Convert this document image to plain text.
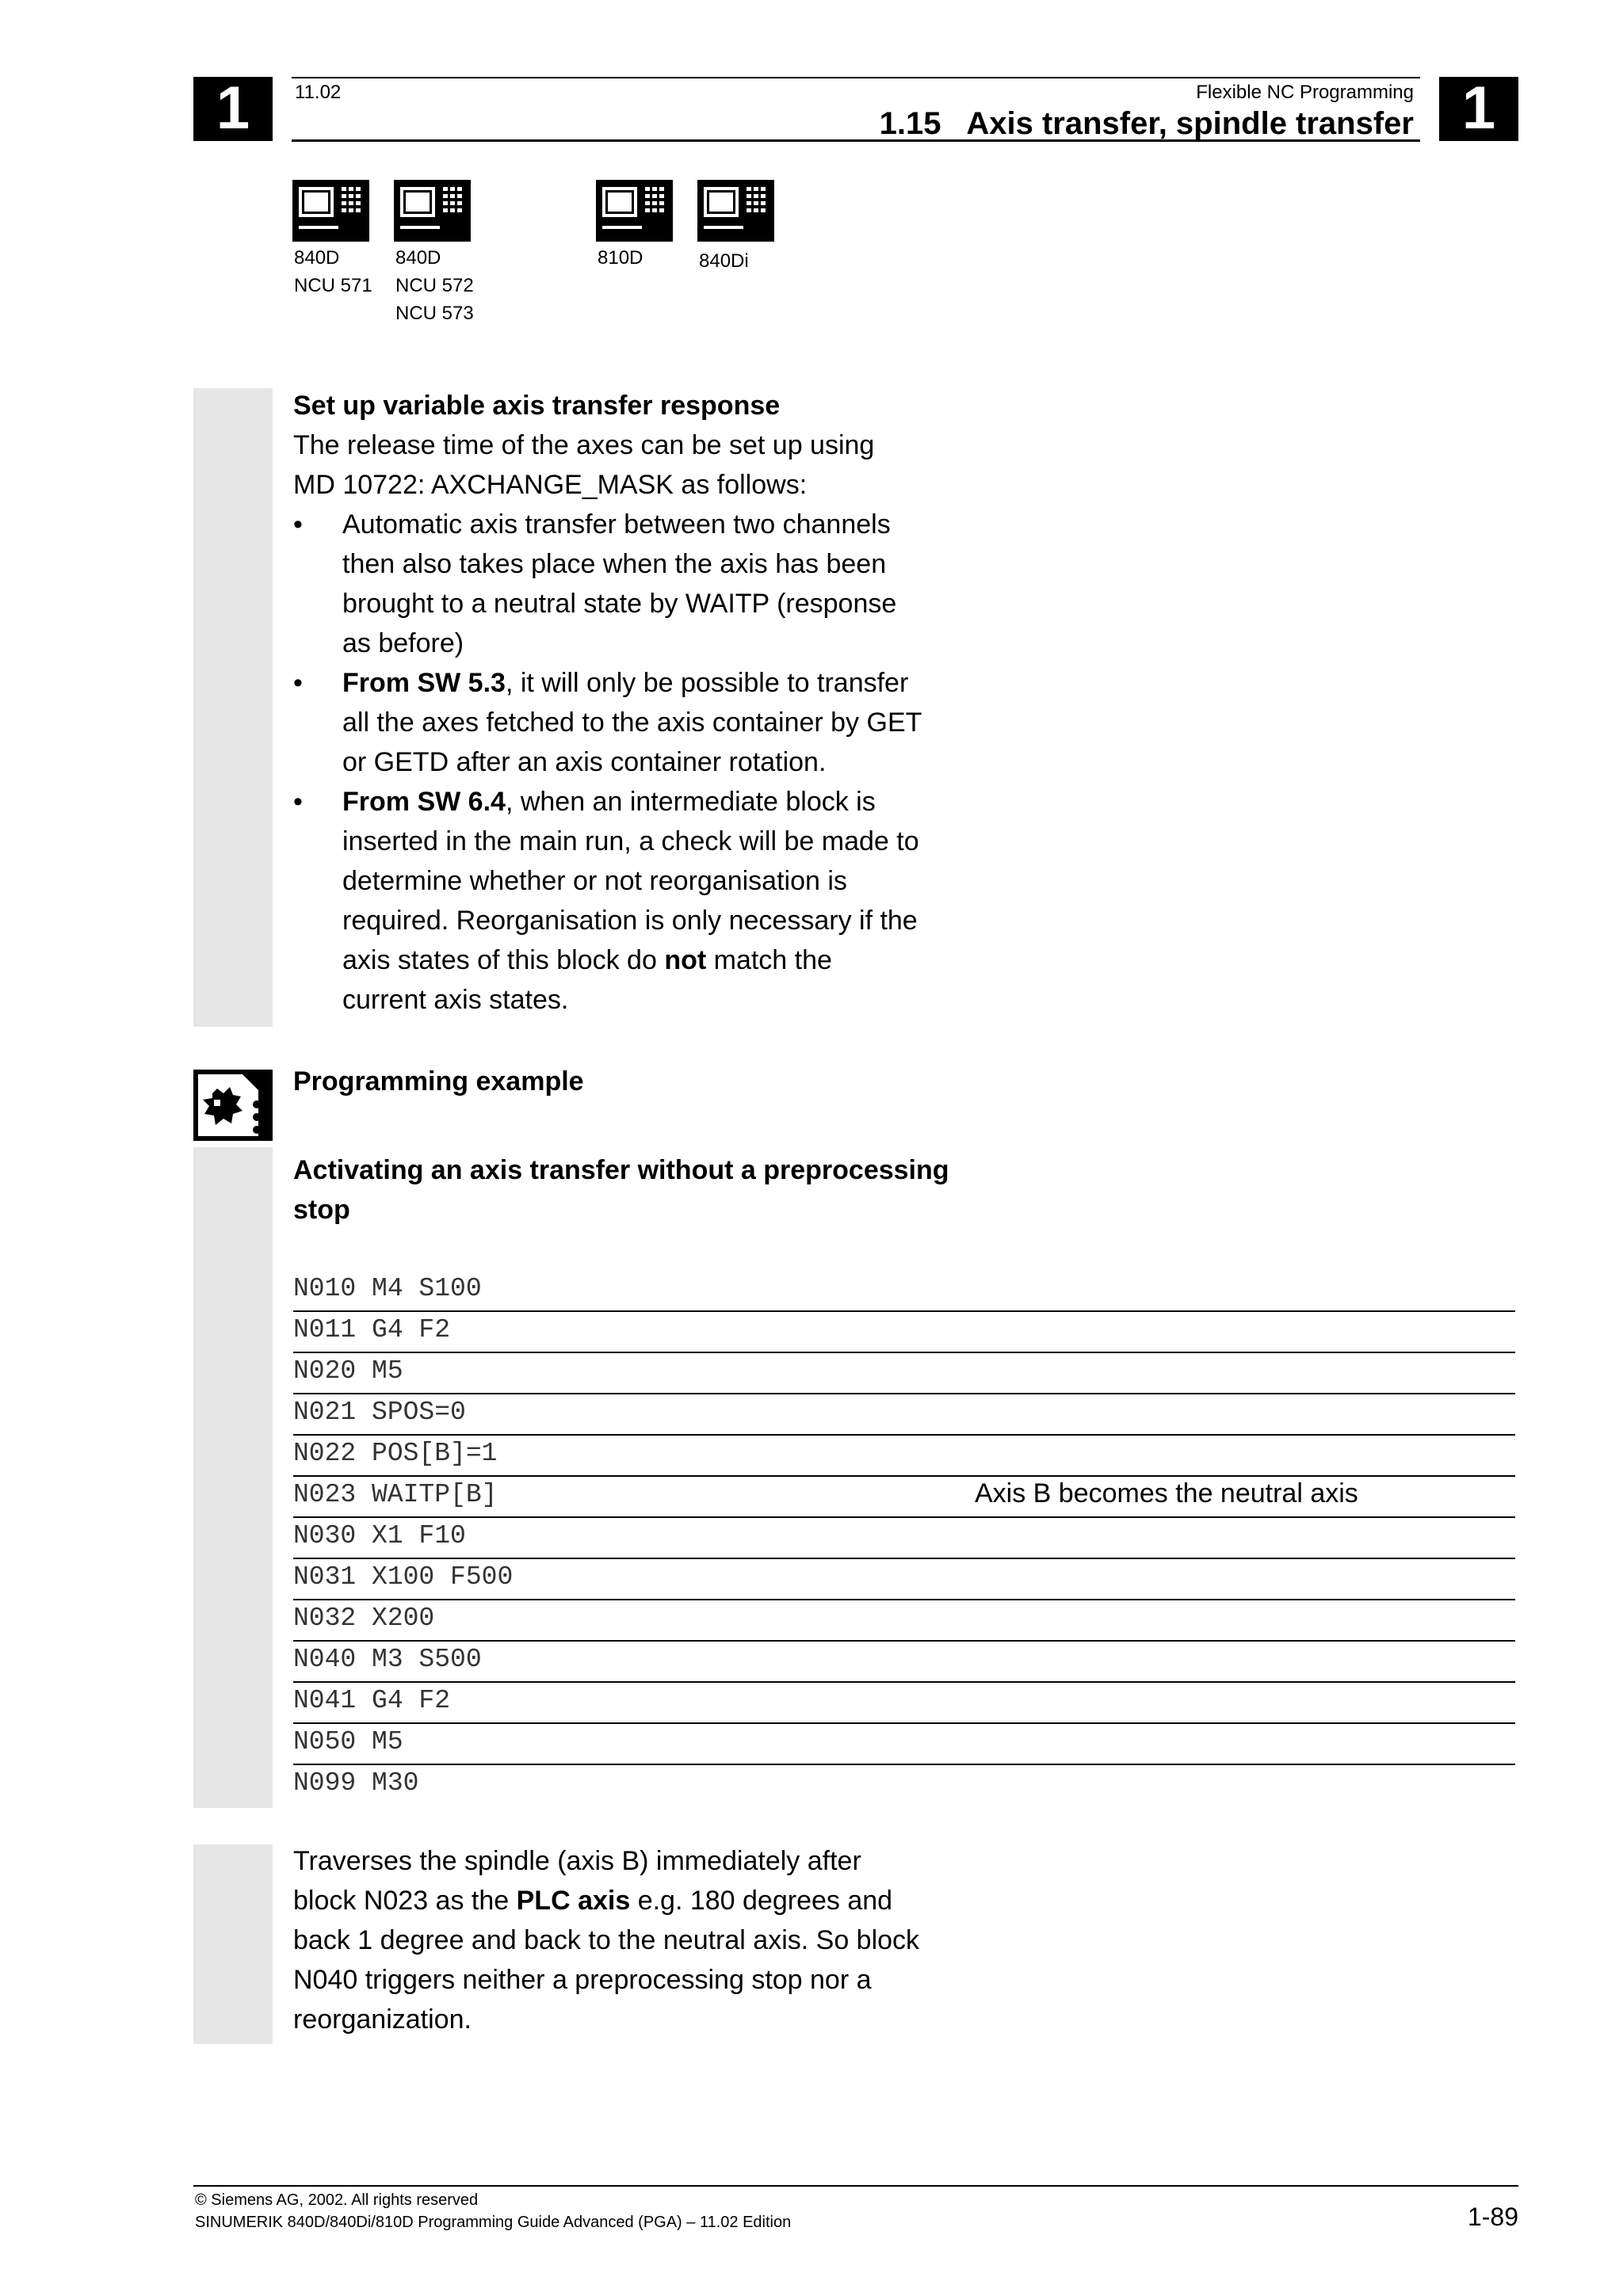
1	1
11.02	Flexible NC Programming
1.15 Axis transfer, spindle transfer
840D
NCU 571
840D
NCU 572
NCU 573
810D	840Di
Set up variable axis transfer response
The release time of the axes can be set up using
MD 10722: AXCHANGE_MASK as follows:
• Automatic axis transfer between two channels
then also takes place when the axis has been
brought to a neutral state by WAITP (response
as before)
• From SW 5.3, it will only be possible to transfer
all the axes fetched to the axis container by GET
or GETD after an axis container rotation.
• From SW 6.4, when an intermediate block is
inserted in the main run, a check will be made to
determine whether or not reorganisation is
required. Reorganisation is only necessary if the
axis states of this block do not match the
current axis states.
Programming example
Activating an axis transfer without a preprocessing
stop
N010 M4 S100
N011 G4 F2
N020 M5
N021 SPOS=0
N022 POS[B]=1
N023 WAITP[B]	Axis B becomes the neutral axis
N030 X1 F10
N031 X100 F500
N032 X200
N040 M3 S500
N041 G4 F2
N050 M5
N099 M30
Traverses the spindle (axis B) immediately after
block N023 as the PLC axis e.g. 180 degrees and
back 1 degree and back to the neutral axis. So block
N040 triggers neither a preprocessing stop nor a
reorganization.
© Siemens AG, 2002. All rights reserved
SINUMERIK 840D/840Di/810D Programming Guide Advanced (PGA) – 11.02 Edition	1-89
